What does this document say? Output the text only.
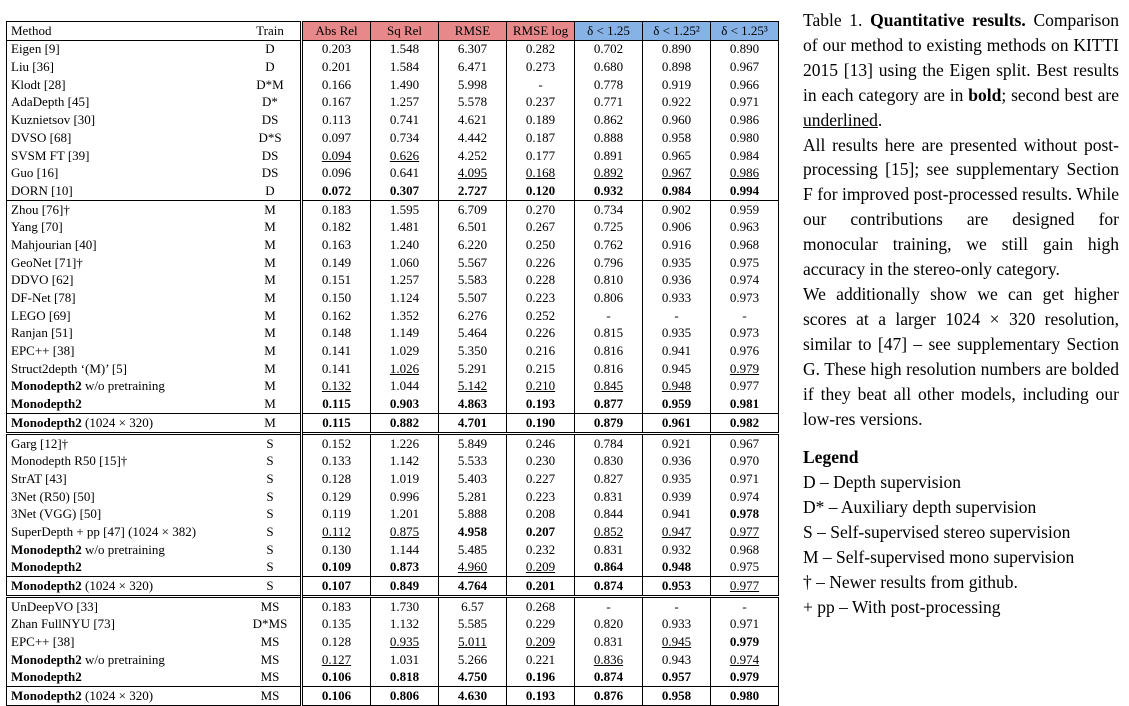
Method	Train	Abs Rel	Sq Rel	RMSE	RMSE log	δ < 1.25	δ < 1.25²	δ < 1.25³
Eigen [9]	D	0.203	1.548	6.307	0.282	0.702	0.890	0.890
Liu [36]	D	0.201	1.584	6.471	0.273	0.680	0.898	0.967
Klodt [28]	D*M	0.166	1.490	5.998	-	0.778	0.919	0.966
AdaDepth [45]	D*	0.167	1.257	5.578	0.237	0.771	0.922	0.971
Kuznietsov [30]	DS	0.113	0.741	4.621	0.189	0.862	0.960	0.986
DVSO [68]	D*S	0.097	0.734	4.442	0.187	0.888	0.958	0.980
SVSM FT [39]	DS	0.094	0.626	4.252	0.177	0.891	0.965	0.984
Guo [16]	DS	0.096	0.641	4.095	0.168	0.892	0.967	0.986
DORN [10]	D	0.072	0.307	2.727	0.120	0.932	0.984	0.994
Zhou [76]†	M	0.183	1.595	6.709	0.270	0.734	0.902	0.959
Yang [70]	M	0.182	1.481	6.501	0.267	0.725	0.906	0.963
Mahjourian [40]	M	0.163	1.240	6.220	0.250	0.762	0.916	0.968
GeoNet [71]†	M	0.149	1.060	5.567	0.226	0.796	0.935	0.975
DDVO [62]	M	0.151	1.257	5.583	0.228	0.810	0.936	0.974
DF-Net [78]	M	0.150	1.124	5.507	0.223	0.806	0.933	0.973
LEGO [69]	M	0.162	1.352	6.276	0.252	-	-	-
Ranjan [51]	M	0.148	1.149	5.464	0.226	0.815	0.935	0.973
EPC++ [38]	M	0.141	1.029	5.350	0.216	0.816	0.941	0.976
Struct2depth ‘(M)’ [5]	M	0.141	1.026	5.291	0.215	0.816	0.945	0.979
Monodepth2 w/o pretraining	M	0.132	1.044	5.142	0.210	0.845	0.948	0.977
Monodepth2	M	0.115	0.903	4.863	0.193	0.877	0.959	0.981
Monodepth2 (1024 × 320)	M	0.115	0.882	4.701	0.190	0.879	0.961	0.982
Garg [12]†	S	0.152	1.226	5.849	0.246	0.784	0.921	0.967
Monodepth R50 [15]†	S	0.133	1.142	5.533	0.230	0.830	0.936	0.970
StrAT [43]	S	0.128	1.019	5.403	0.227	0.827	0.935	0.971
3Net (R50) [50]	S	0.129	0.996	5.281	0.223	0.831	0.939	0.974
3Net (VGG) [50]	S	0.119	1.201	5.888	0.208	0.844	0.941	0.978
SuperDepth + pp [47] (1024 × 382)	S	0.112	0.875	4.958	0.207	0.852	0.947	0.977
Monodepth2 w/o pretraining	S	0.130	1.144	5.485	0.232	0.831	0.932	0.968
Monodepth2	S	0.109	0.873	4.960	0.209	0.864	0.948	0.975
Monodepth2 (1024 × 320)	S	0.107	0.849	4.764	0.201	0.874	0.953	0.977
UnDeepVO [33]	MS	0.183	1.730	6.57	0.268	-	-	-
Zhan FullNYU [73]	D*MS	0.135	1.132	5.585	0.229	0.820	0.933	0.971
EPC++ [38]	MS	0.128	0.935	5.011	0.209	0.831	0.945	0.979
Monodepth2 w/o pretraining	MS	0.127	1.031	5.266	0.221	0.836	0.943	0.974
Monodepth2	MS	0.106	0.818	4.750	0.196	0.874	0.957	0.979
Monodepth2 (1024 × 320)	MS	0.106	0.806	4.630	0.193	0.876	0.958	0.980

Table 1. Quantitative results. Comparison of our method to existing methods on KITTI 2015 [13] using the Eigen split. Best results in each category are in bold; second best are underlined.

All results here are presented without post-processing [15]; see supplementary Section F for improved post-processed results. While our contributions are designed for monocular training, we still gain high accuracy in the stereo-only category.

We additionally show we can get higher scores at a larger 1024 × 320 resolution, similar to [47] – see supplementary Section G. These high resolution numbers are bolded if they beat all other models, including our low-res versions.

Legend

D – Depth supervision

D* – Auxiliary depth supervision

S – Self-supervised stereo supervision

M – Self-supervised mono supervision

† – Newer results from github.

+ pp – With post-processing
